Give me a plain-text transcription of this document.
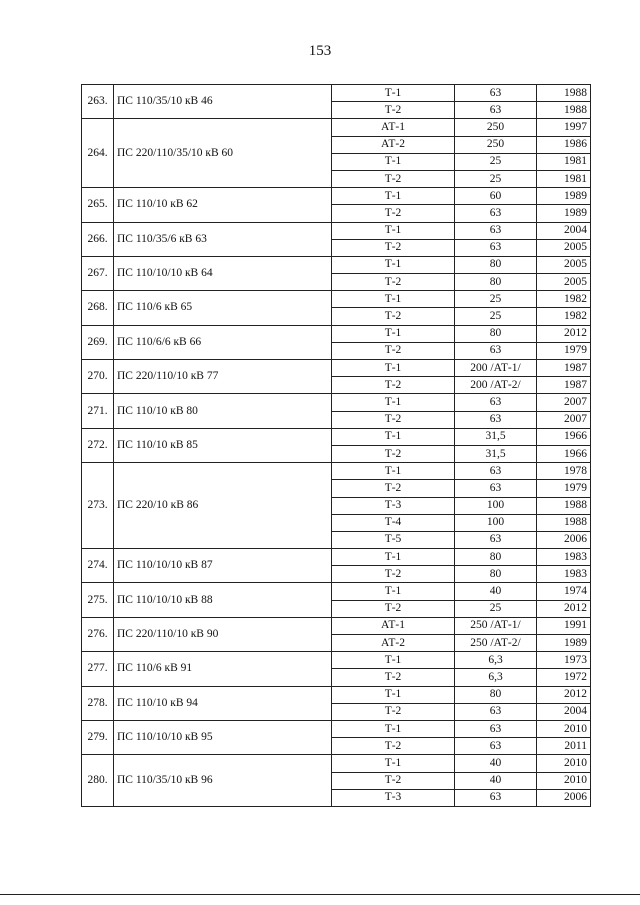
153
263.	ПС 110/35/10 кВ 46	Т-1	63	1988
		Т-2	63	1988
264.	ПС 220/110/35/10 кВ 60	АТ-1	250	1997
		АТ-2	250	1986
		Т-1	25	1981
		Т-2	25	1981
265.	ПС 110/10 кВ 62	Т-1	60	1989
		Т-2	63	1989
266.	ПС 110/35/6 кВ 63	Т-1	63	2004
		Т-2	63	2005
267.	ПС 110/10/10 кВ 64	Т-1	80	2005
		Т-2	80	2005
268.	ПС 110/6 кВ 65	Т-1	25	1982
		Т-2	25	1982
269.	ПС 110/6/6 кВ 66	Т-1	80	2012
		Т-2	63	1979
270.	ПС 220/110/10 кВ 77	Т-1	200 /АТ-1/	1987
		Т-2	200 /АТ-2/	1987
271.	ПС 110/10 кВ 80	Т-1	63	2007
		Т-2	63	2007
272.	ПС 110/10 кВ 85	Т-1	31,5	1966
		Т-2	31,5	1966
273.	ПС 220/10 кВ 86	Т-1	63	1978
		Т-2	63	1979
		Т-3	100	1988
		Т-4	100	1988
		Т-5	63	2006
274.	ПС 110/10/10 кВ 87	Т-1	80	1983
		Т-2	80	1983
275.	ПС 110/10/10 кВ 88	Т-1	40	1974
		Т-2	25	2012
276.	ПС 220/110/10 кВ 90	АТ-1	250 /АТ-1/	1991
		АТ-2	250 /АТ-2/	1989
277.	ПС 110/6 кВ 91	Т-1	6,3	1973
		Т-2	6,3	1972
278.	ПС 110/10 кВ 94	Т-1	80	2012
		Т-2	63	2004
279.	ПС 110/10/10 кВ 95	Т-1	63	2010
		Т-2	63	2011
280.	ПС 110/35/10 кВ 96	Т-1	40	2010
		Т-2	40	2010
		Т-3	63	2006
